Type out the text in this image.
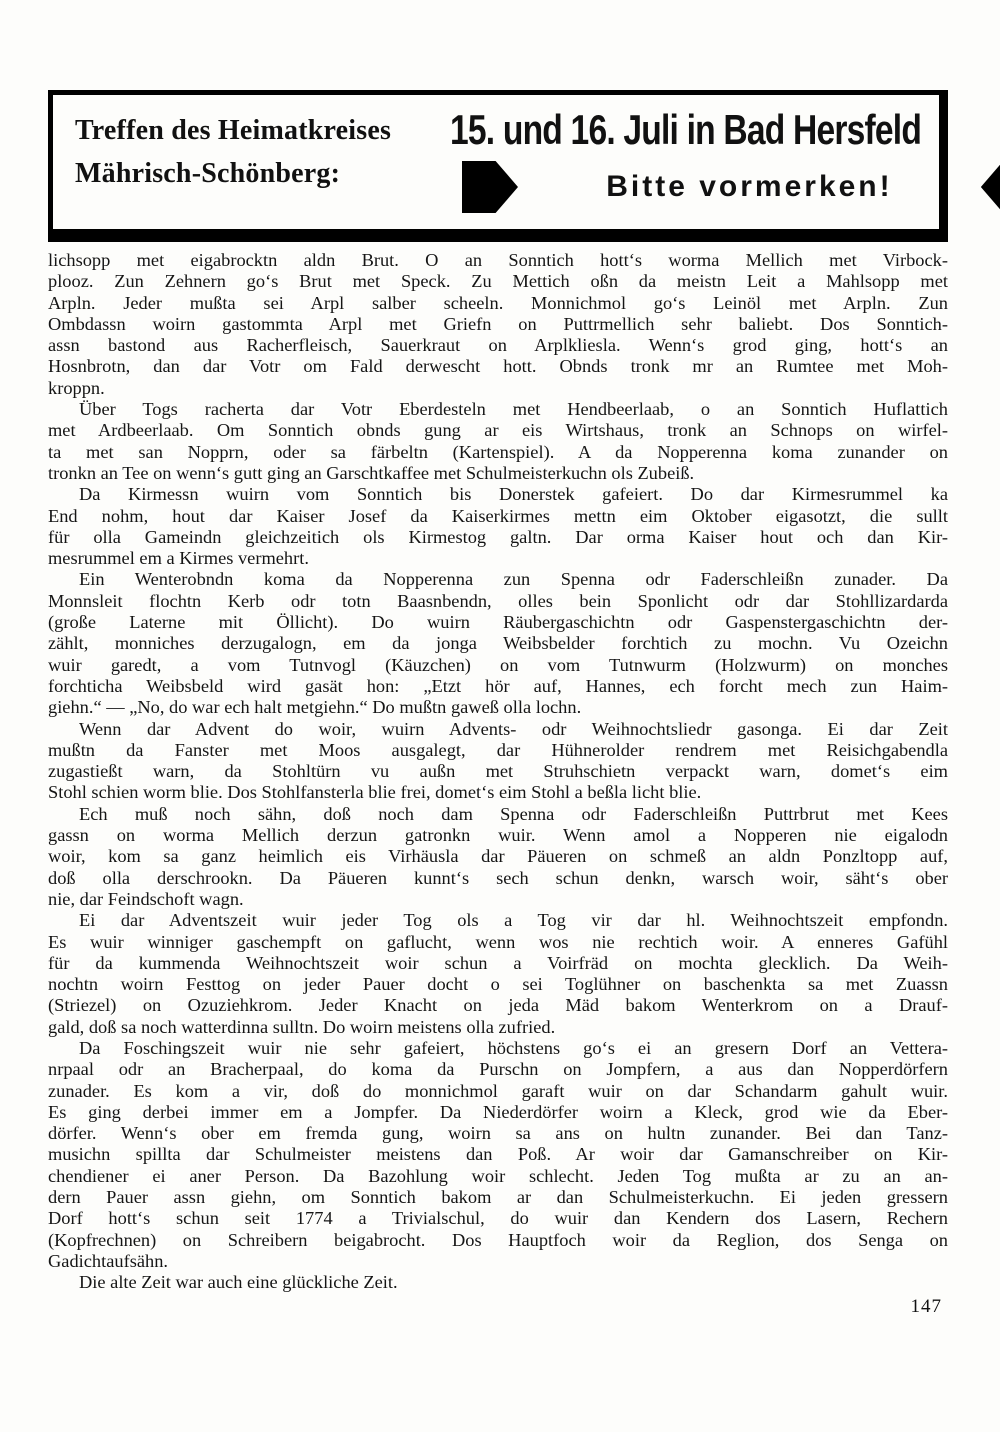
Treffen des Heimatkreises
Mährisch-Schönberg:
15. und 16. Juli in Bad Hersfeld
Bitte vormerken!
lichsopp met eigabrocktn aldn Brut. O an Sonntich hott‘s worma Mellich met Virbock-
plooz. Zun Zehnern go‘s Brut met Speck. Zu Mettich oßn da meistn Leit a Mahlsopp met
Arpln. Jeder mußta sei Arpl salber scheeln. Monnichmol go‘s Leinöl met Arpln. Zun
Ombdassn woirn gastommta Arpl met Griefn on Puttrmellich sehr baliebt. Dos Sonntich-
assn bastond aus Racherfleisch, Sauerkraut on Arplkliesla. Wenn‘s grod ging, hott‘s an
Hosnbrotn, dan dar Votr om Fald derwescht hott. Obnds tronk mr an Rumtee met Moh-
kroppn.
Über Togs racherta dar Votr Eberdesteln met Hendbeerlaab, o an Sonntich Huflattich
met Ardbeerlaab. Om Sonntich obnds gung ar eis Wirtshaus, tronk an Schnops on wirfel-
ta met san Nopprn, oder sa färbeltn (Kartenspiel). A da Nopperenna koma zunander on
tronkn an Tee on wenn‘s gutt ging an Garschtkaffee met Schulmeisterkuchn ols Zubeiß.
Da Kirmessn wuirn vom Sonntich bis Donerstek gafeiert. Do dar Kirmesrummel ka
End nohm, hout dar Kaiser Josef da Kaiserkirmes mettn eim Oktober eigasotzt, die sullt
für olla Gameindn gleichzeitich ols Kirmestog galtn. Dar orma Kaiser hout och dan Kir-
mesrummel em a Kirmes vermehrt.
Ein Wenterobndn koma da Nopperenna zun Spenna odr Faderschleißn zunader. Da
Monnsleit flochtn Kerb odr totn Baasnbendn, olles bein Sponlicht odr dar Stohllizardarda
(große Laterne mit Öllicht). Do wuirn Räubergaschichtn odr Gaspenstergaschichtn der-
zählt, monniches derzugalogn, em da jonga Weibsbelder forchtich zu mochn. Vu Ozeichn
wuir garedt, a vom Tutnvogl (Käuzchen) on vom Tutnwurm (Holzwurm) on monches
forchticha Weibsbeld wird gasät hon: „Etzt hör auf, Hannes, ech forcht mech zun Haim-
giehn.“ — „No, do war ech halt metgiehn.“ Do mußtn gaweß olla lochn.
Wenn dar Advent do woir, wuirn Advents- odr Weihnochtsliedr gasonga. Ei dar Zeit
mußtn da Fanster met Moos ausgalegt, dar Hühnerolder rendrem met Reisichgabendla
zugastießt warn, da Stohltürn vu außn met Struhschietn verpackt warn, domet‘s eim
Stohl schien worm blie. Dos Stohlfansterla blie frei, domet‘s eim Stohl a beßla licht blie.
Ech muß noch sähn, doß noch dam Spenna odr Faderschleißn Puttrbrut met Kees
gassn on worma Mellich derzun gatronkn wuir. Wenn amol a Nopperen nie eigalodn
woir, kom sa ganz heimlich eis Virhäusla dar Päueren on schmeß an aldn Ponzltopp auf,
doß olla derschrookn. Da Päueren kunnt‘s sech schun denkn, warsch woir, säht‘s ober
nie, dar Feindschoft wagn.
Ei dar Adventszeit wuir jeder Tog ols a Tog vir dar hl. Weihnochtszeit empfondn.
Es wuir winniger gaschempft on gaflucht, wenn wos nie rechtich woir. A enneres Gafühl
für da kummenda Weihnochtszeit woir schun a Voirfräd on mochta glecklich. Da Weih-
nochtn woirn Festtog on jeder Pauer docht o sei Toglühner on baschenkta sa met Zuassn
(Striezel) on Ozuziehkrom. Jeder Knacht on jeda Mäd bakom Wenterkrom on a Drauf-
gald, doß sa noch watterdinna sulltn. Do woirn meistens olla zufried.
Da Foschingszeit wuir nie sehr gafeiert, höchstens go‘s ei an gresern Dorf an Vettera-
nrpaal odr an Bracherpaal, do koma da Purschn on Jompfern, a aus dan Nopperdörfern
zunader. Es kom a vir, doß do monnichmol garaft wuir on dar Schandarm gahult wuir.
Es ging derbei immer em a Jompfer. Da Niederdörfer woirn a Kleck, grod wie da Eber-
dörfer. Wenn‘s ober em fremda gung, woirn sa ans on hultn zunander. Bei dan Tanz-
musichn spillta dar Schulmeister meistens dan Poß. Ar woir dar Gamanschreiber on Kir-
chendiener ei aner Person. Da Bazohlung woir schlecht. Jeden Tog mußta ar zu an an-
dern Pauer assn giehn, om Sonntich bakom ar dan Schulmeisterkuchn. Ei jeden gressern
Dorf hott‘s schun seit 1774 a Trivialschul, do wuir dan Kendern dos Lasern, Rechern
(Kopfrechnen) on Schreibern beigabrocht. Dos Hauptfoch woir da Reglion, dos Senga on
Gadichtaufsähn.
Die alte Zeit war auch eine glückliche Zeit.
147
